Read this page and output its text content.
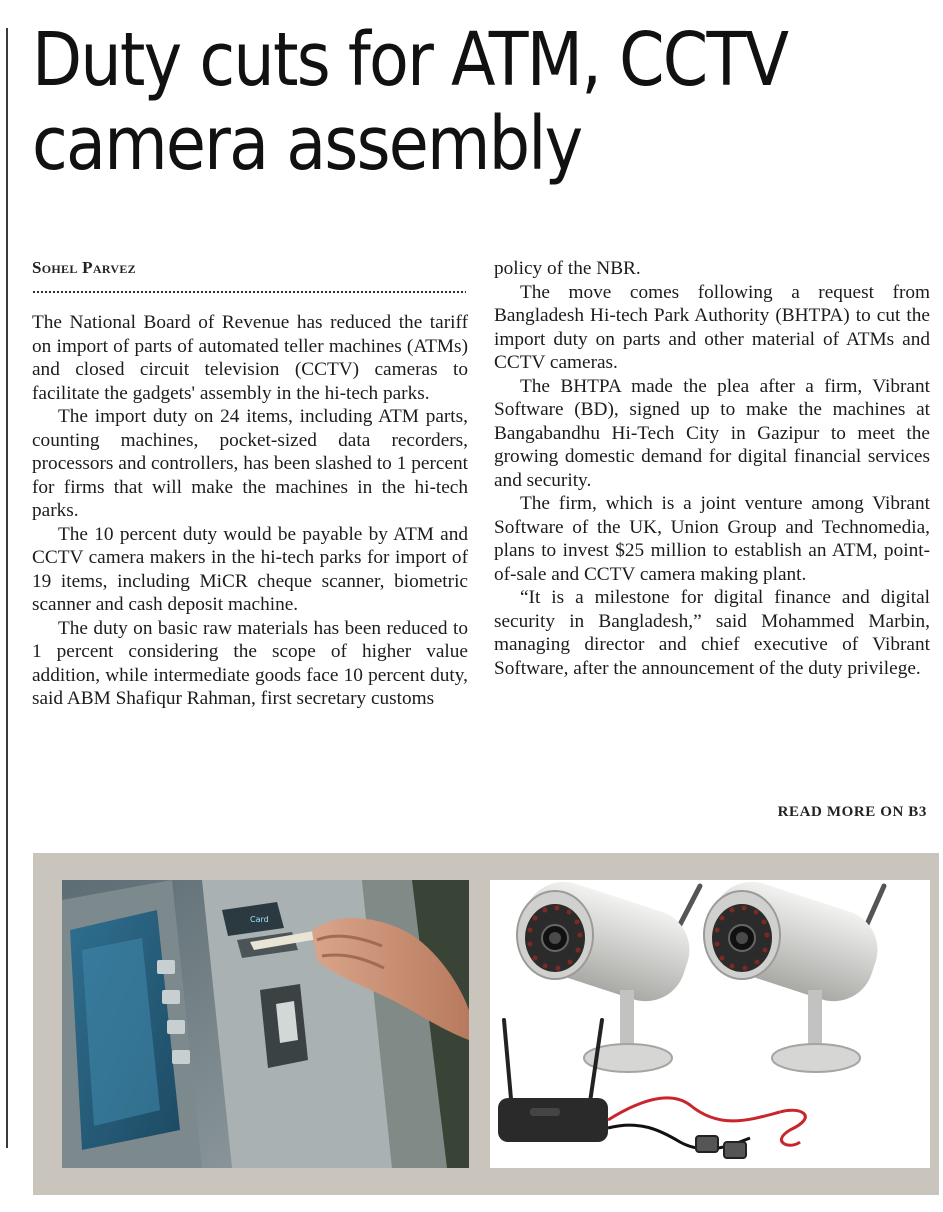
Duty cuts for ATM, CCTV
camera assembly
Sohel Parvez

The National Board of Revenue has reduced the tariff on import of parts of automated teller machines (ATMs) and closed circuit television (CCTV) cameras to facilitate the gadgets' assembly in the hi-tech parks.

The import duty on 24 items, including ATM parts, counting machines, pocket-sized data recorders, processors and controllers, has been slashed to 1 percent for firms that will make the machines in the hi-tech parks.

The 10 percent duty would be payable by ATM and CCTV camera makers in the hi-tech parks for import of 19 items, including MiCR cheque scanner, biometric scanner and cash deposit machine.

The duty on basic raw materials has been reduced to 1 percent considering the scope of higher value addition, while intermediate goods face 10 percent duty, said ABM Shafiqur Rahman, first secretary customs

policy of the NBR.

The move comes following a request from Bangladesh Hi-tech Park Authority (BHTPA) to cut the import duty on parts and other material of ATMs and CCTV cameras.

The BHTPA made the plea after a firm, Vibrant Software (BD), signed up to make the machines at Bangabandhu Hi-Tech City in Gazipur to meet the growing domestic demand for digital financial services and security.

The firm, which is a joint venture among Vibrant Software of the UK, Union Group and Technomedia, plans to invest $25 million to establish an ATM, point-of-sale and CCTV camera making plant.

“It is a milestone for digital finance and digital security in Bangladesh,” said Mohammed Marbin, managing director and chief executive of Vibrant Software, after the announcement of the duty privilege.

READ MORE ON B3
Card
